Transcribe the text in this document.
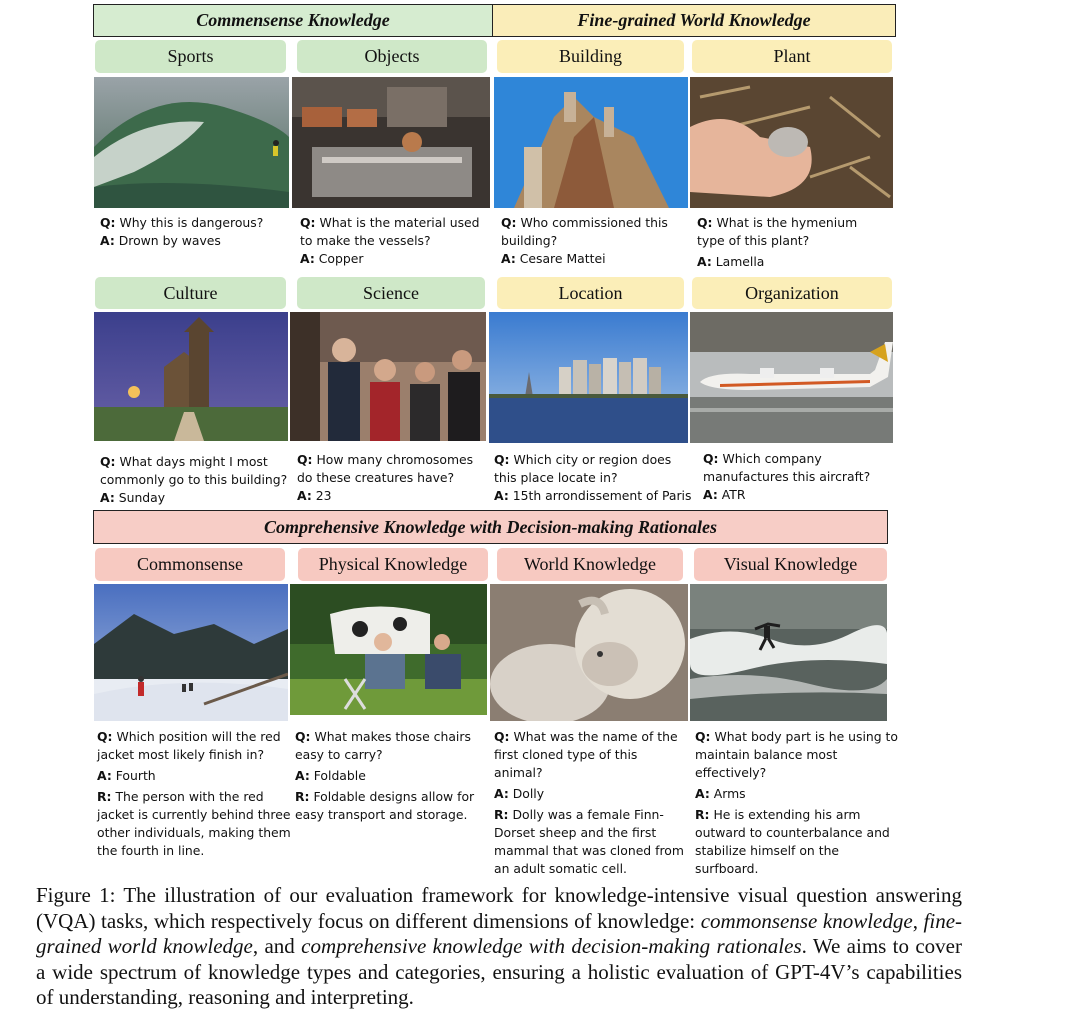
Commensense Knowledge	Fine-grained World Knowledge
Sports	Objects	Building	Plant
Q: Why this is dangerous?
A: Drown by waves
Q: What is the material used to make the vessels?
A: Copper
Q: Who commissioned this building?
A: Cesare Mattei
Q: What is the hymenium type of this plant?
A: Lamella
Culture	Science	Location	Organization
Q: What days might I most commonly go to this building?
A: Sunday
Q: How many chromosomes do these creatures have?
A: 23
Q: Which city or region does this place locate in?
A: 15th arrondissement of Paris
Q: Which company manufactures this aircraft?
A: ATR
Comprehensive Knowledge with Decision-making Rationales
Commonsense	Physical Knowledge	World Knowledge	Visual Knowledge
Q: Which position will the red jacket most likely finish in?
A: Fourth
R: The person with the red jacket is currently behind three other individuals, making them the fourth in line.
Q: What makes those chairs easy to carry?
A: Foldable
R: Foldable designs allow for easy transport and storage.
Q: What was the name of the first cloned type of this animal?
A: Dolly
R: Dolly was a female Finn-Dorset sheep and the first mammal that was cloned from an adult somatic cell.
Q: What body part is he using to maintain balance most effectively?
A: Arms
R: He is extending his arm outward to counterbalance and stabilize himself on the surfboard.
Figure 1: The illustration of our evaluation framework for knowledge-intensive visual question answering (VQA) tasks, which respectively focus on different dimensions of knowledge: commonsense knowledge, fine-grained world knowledge, and comprehensive knowledge with decision-making rationales. We aims to cover a wide spectrum of knowledge types and categories, ensuring a holistic evaluation of GPT-4V’s capabilities of understanding, reasoning and interpreting.
